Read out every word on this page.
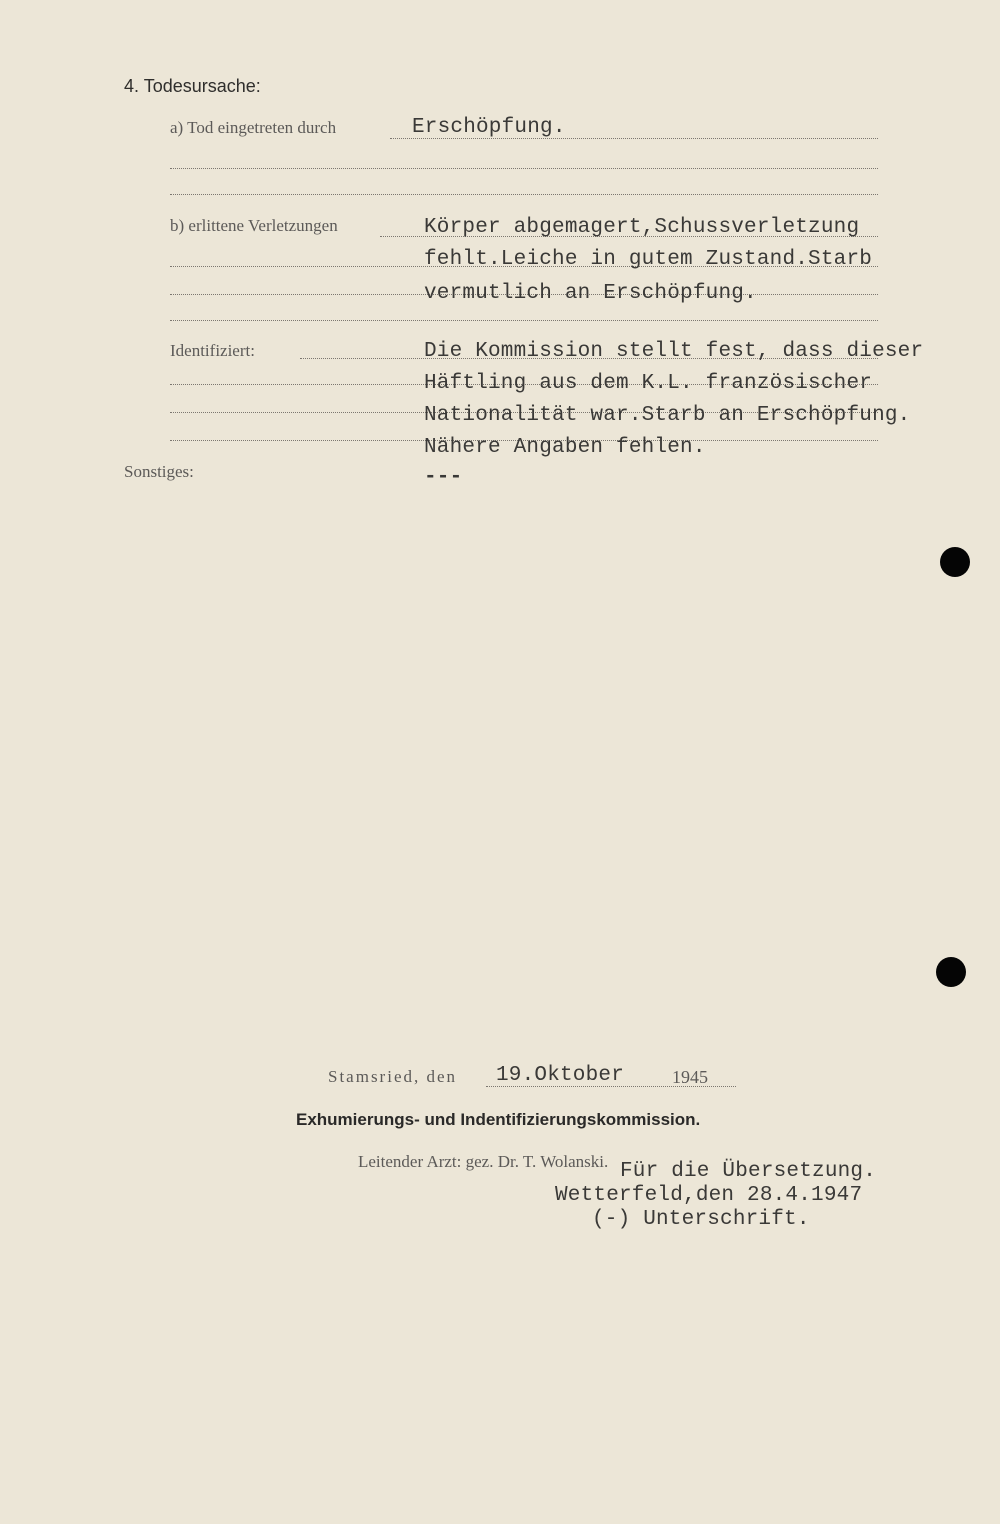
4. Todesursache:
a) Tod eingetreten durch	Erschöpfung.
b) erlittene Verletzungen	Körper abgemagert,Schussverletzung
fehlt.Leiche in gutem Zustand.Starb
vermutlich an Erschöpfung.
Identifiziert:	Die Kommission stellt fest, dass dieser
Häftling aus dem K.L. französischer
Nationalität war.Starb an Erschöpfung.
Nähere Angaben fehlen.
Sonstiges:	---
Stamsried, den 19.Oktober	1945
Exhumierungs- und Indentifizierungskommission.
Leitender Arzt: gez. Dr. T. Wolanski. Für die Übersetzung.
Wetterfeld,den 28.4.1947
(-) Unterschrift.
